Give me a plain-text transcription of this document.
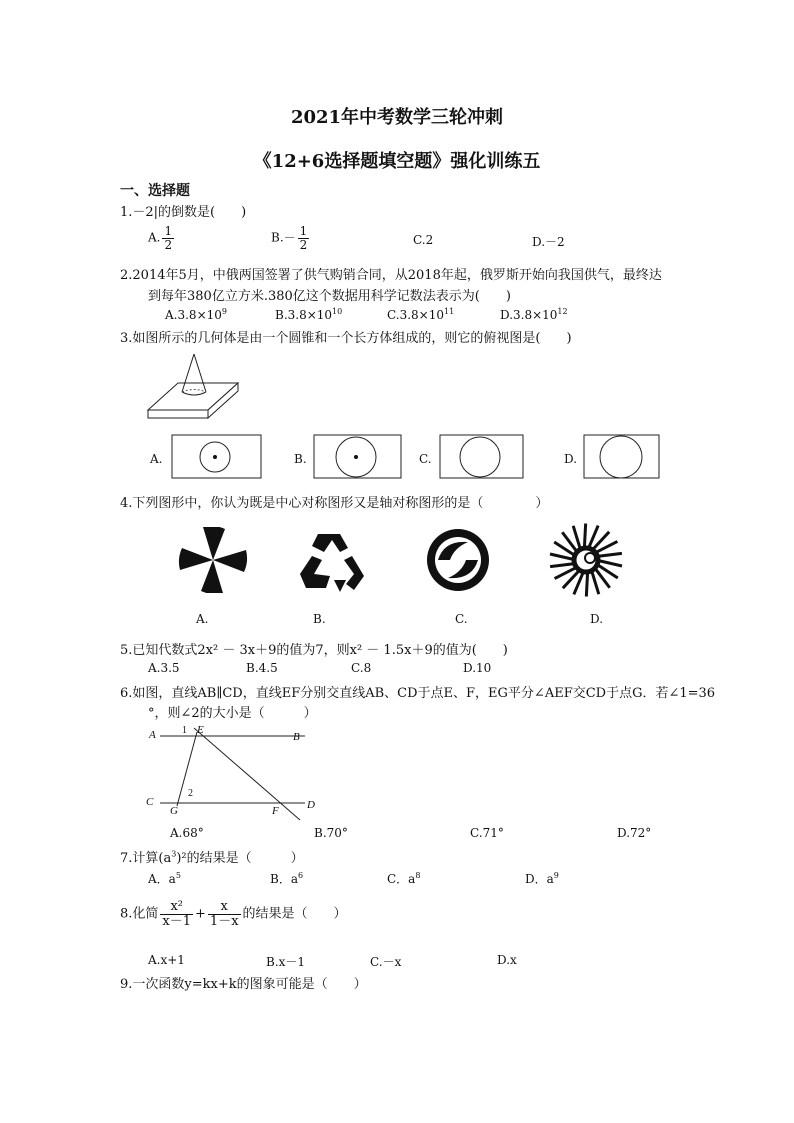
2021年中考数学三轮冲刺
《12+6选择题填空题》强化训练五
一、选择题
1.－2|的倒数是(　　)
A. $\frac{1}{2}$	$B.- \frac{1}{2}$	C.2	D.－2
2.2014年5月，中俄两国签署了供气购销合同，从2018年起，俄罗斯开始向我国供气，最终达
到每年380亿立方米.380亿这个数据用科学记数法表示为(　　)
$A.3.8\times 10^9$	$B.3.8\times 10^{10}$	$C.3.8\times 10^{11}$	$D.3.8\times 10^{12}$
3.如图所示的几何体是由一个圆锥和一个长方体组成的，则它的俯视图是(　　)
A.	B.	C.	D.
4.下列图形中，你认为既是中心对称图形又是轴对称图形的是（　　　　）
A.	B.	C.	D.
5.已知代数式2x² － 3x＋9的值为7，则x² － 1.5x＋9的值为(　　)
A.3.5	B.4.5	C.8	D.10
6.如图，直线AB∥CD，直线EF分别交直线AB、CD于点E、F，EG平分∠AEF交CD于点G．若∠1=36
°，则∠2的大小是（　　　）
A	1 E
B
C
2
G	F	D
A.68°	B.70°	C.71°	D.72°
7.计算$(a^3)^2$的结果是（　　　）
A．$a^5$	B．$a^6$	C．$a^8$	D．$a^9$
8.化简 $\frac{\text{x²}}{x-1} + \frac{x}{1-x}$ 的结果是（　　）
A.x+1	B.x－1	C.－x	D.x
9.一次函数y=kx+k的图象可能是（　　）
